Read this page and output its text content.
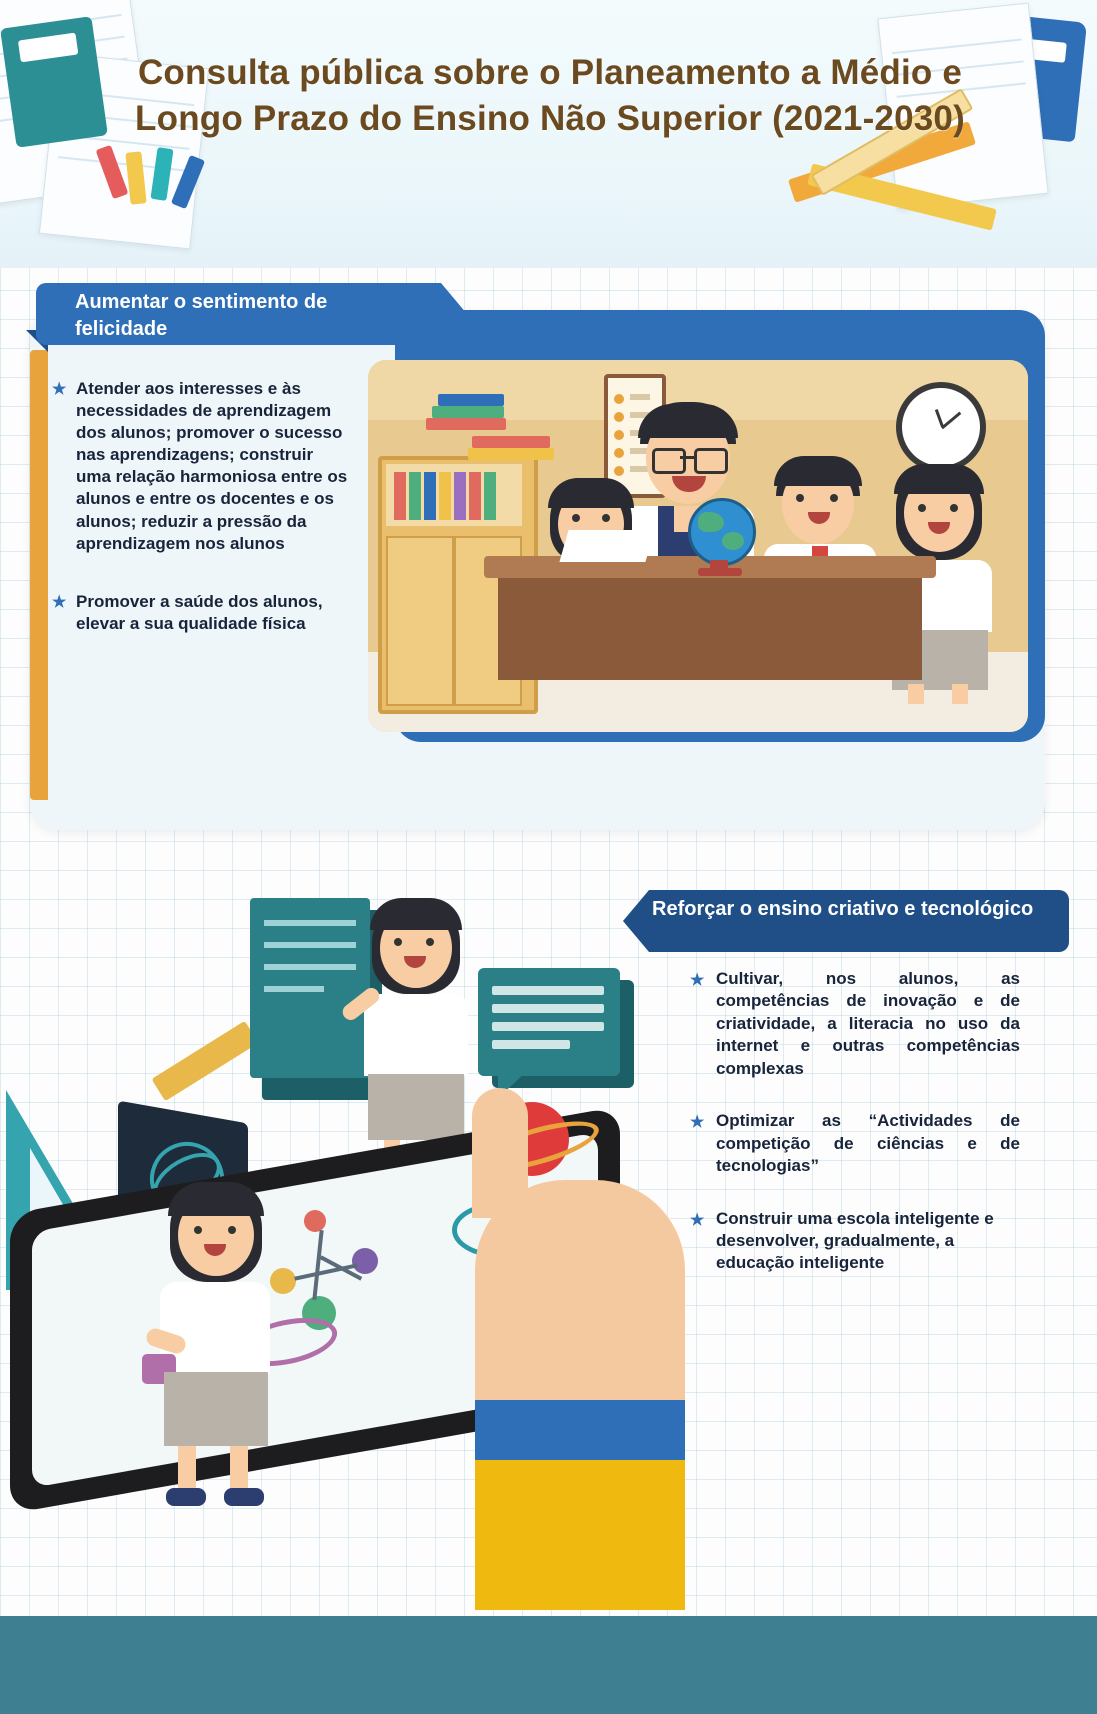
Consulta pública sobre o Planeamento a Médio e Longo Prazo do Ensino Não Superior (2021-2030)
Aumentar o sentimento de felicidade
★ Atender aos interesses e às necessidades de aprendizagem dos alunos; promover o sucesso nas aprendizagens; construir uma relação harmoniosa entre os alunos e entre os docentes e os alunos; reduzir a pressão da aprendizagem nos alunos
★ Promover a saúde dos alunos, elevar a sua qualidade física
Reforçar o ensino criativo e tecnológico
★ Cultivar, nos alunos, as competências de inovação e de criatividade, a literacia no uso da internet e outras competências complexas
★ Optimizar as “Actividades de competição de ciências e de tecnologias”
★ Construir uma escola inteligente e desenvolver, gradualmente, a educação inteligente
